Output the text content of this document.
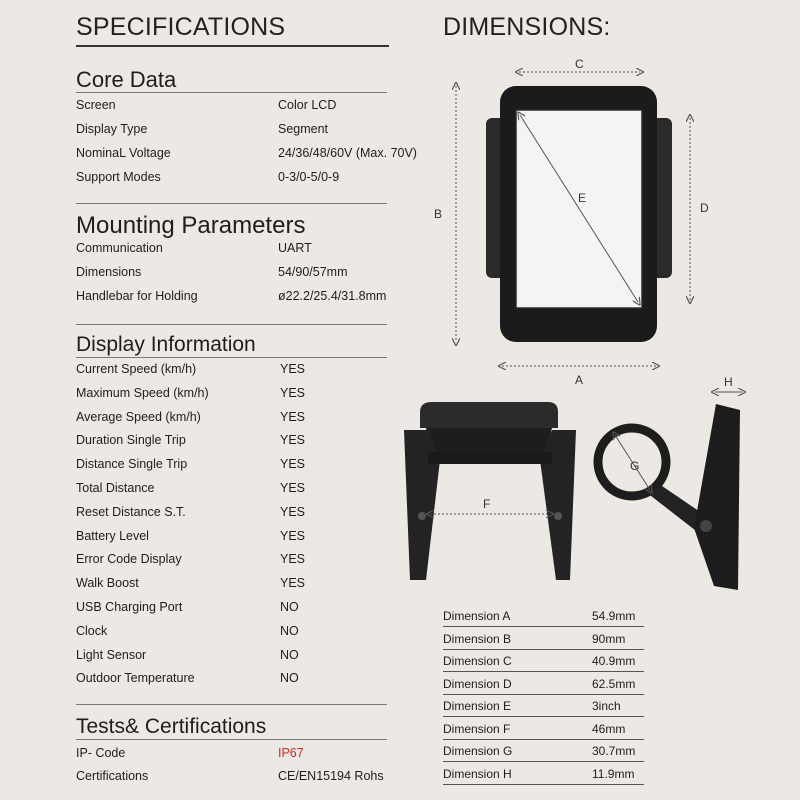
SPECIFICATIONS
Core Data
Screen	Color LCD
Display Type	Segment
NominaL Voltage	24/36/48/60V (Max. 70V)
Support Modes	0-3/0-5/0-9
Mounting Parameters
Communication	UART
Dimensions	54/90/57mm
Handlebar for Holding	ø22.2/25.4/31.8mm
Display Information
Current Speed (km/h)	YES
Maximum Speed (km/h)	YES
Average Speed (km/h)	YES
Duration Single Trip	YES
Distance Single Trip	YES
Total Distance	YES
Reset Distance S.T.	YES
Battery Level	YES
Error Code Display	YES
Walk Boost	YES
USB Charging Port	NO
Clock	NO
Light Sensor	NO
Outdoor Temperature	NO
Tests& Certifications
IP- Code	IP67
Certifications	CE/EN15194 Rohs
DIMENSIONS:
E
C
A
B	D
F
G
H
Dimension A	54.9mm
Dimension B	90mm
Dimension C	40.9mm
Dimension D	62.5mm
Dimension E	3inch
Dimension F	46mm
Dimension G	30.7mm
Dimension H	11.9mm
